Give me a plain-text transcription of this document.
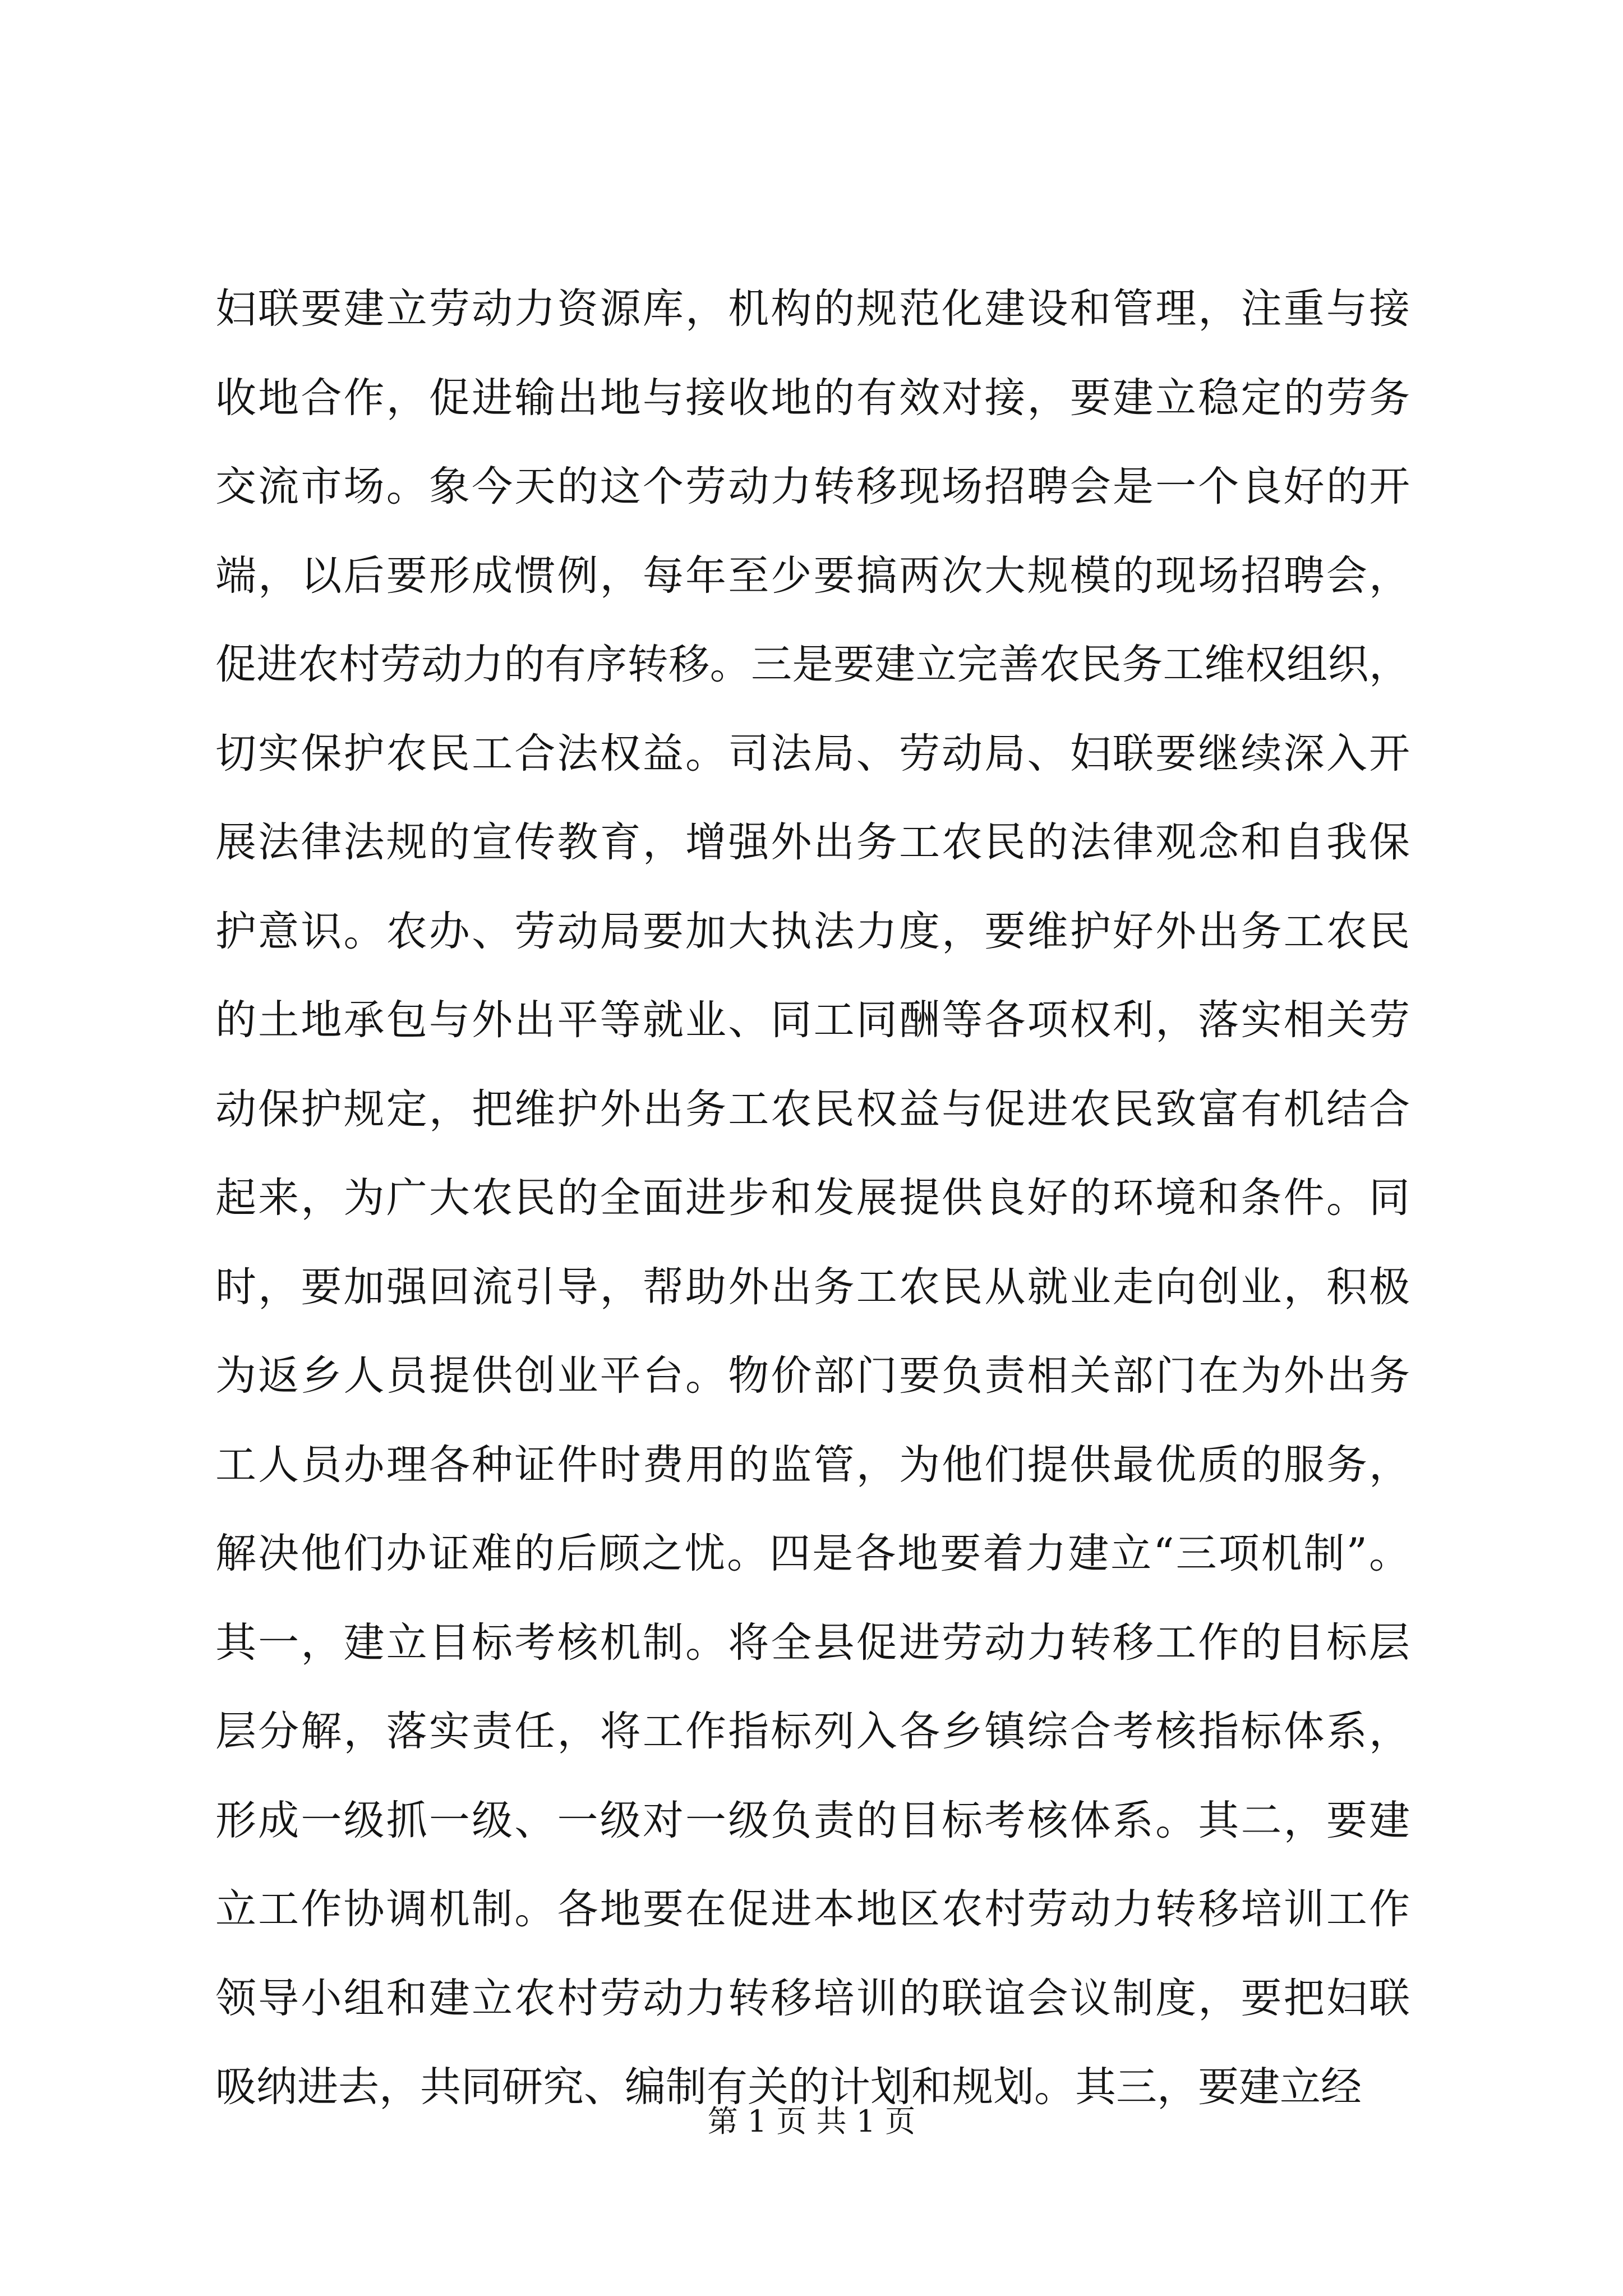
妇联要建立劳动力资源库，机构的规范化建设和管理，注重与接
收地合作，促进输出地与接收地的有效对接，要建立稳定的劳务
交流市场。象今天的这个劳动力转移现场招聘会是一个良好的开
端，以后要形成惯例，每年至少要搞两次大规模的现场招聘会，
促进农村劳动力的有序转移。三是要建立完善农民务工维权组织，
切实保护农民工合法权益。司法局、劳动局、妇联要继续深入开
展法律法规的宣传教育，增强外出务工农民的法律观念和自我保
护意识。农办、劳动局要加大执法力度，要维护好外出务工农民
的土地承包与外出平等就业、同工同酬等各项权利，落实相关劳
动保护规定，把维护外出务工农民权益与促进农民致富有机结合
起来，为广大农民的全面进步和发展提供良好的环境和条件。同
时，要加强回流引导，帮助外出务工农民从就业走向创业，积极
为返乡人员提供创业平台。物价部门要负责相关部门在为外出务
工人员办理各种证件时费用的监管，为他们提供最优质的服务，
解决他们办证难的后顾之忧。四是各地要着力建立“三项机制”。
其一，建立目标考核机制。将全县促进劳动力转移工作的目标层
层分解，落实责任，将工作指标列入各乡镇综合考核指标体系，
形成一级抓一级、一级对一级负责的目标考核体系。其二，要建
立工作协调机制。各地要在促进本地区农村劳动力转移培训工作
领导小组和建立农村劳动力转移培训的联谊会议制度，要把妇联
吸纳进去，共同研究、编制有关的计划和规划。其三，要建立经
第 1 页 共 1 页
